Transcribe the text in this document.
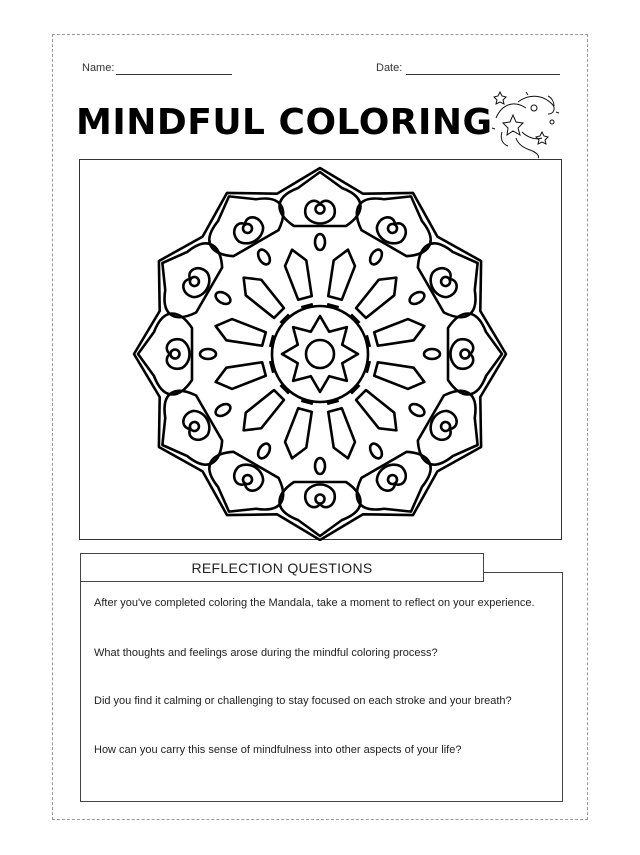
Name:	Date:
MINDFUL COLORING
REFLECTION QUESTIONS
After you've completed coloring the Mandala, take a moment to reflect on your experience.
What thoughts and feelings arose during the mindful coloring process?
Did you find it calming or challenging to stay focused on each stroke and your breath?
How can you carry this sense of mindfulness into other aspects of your life?
